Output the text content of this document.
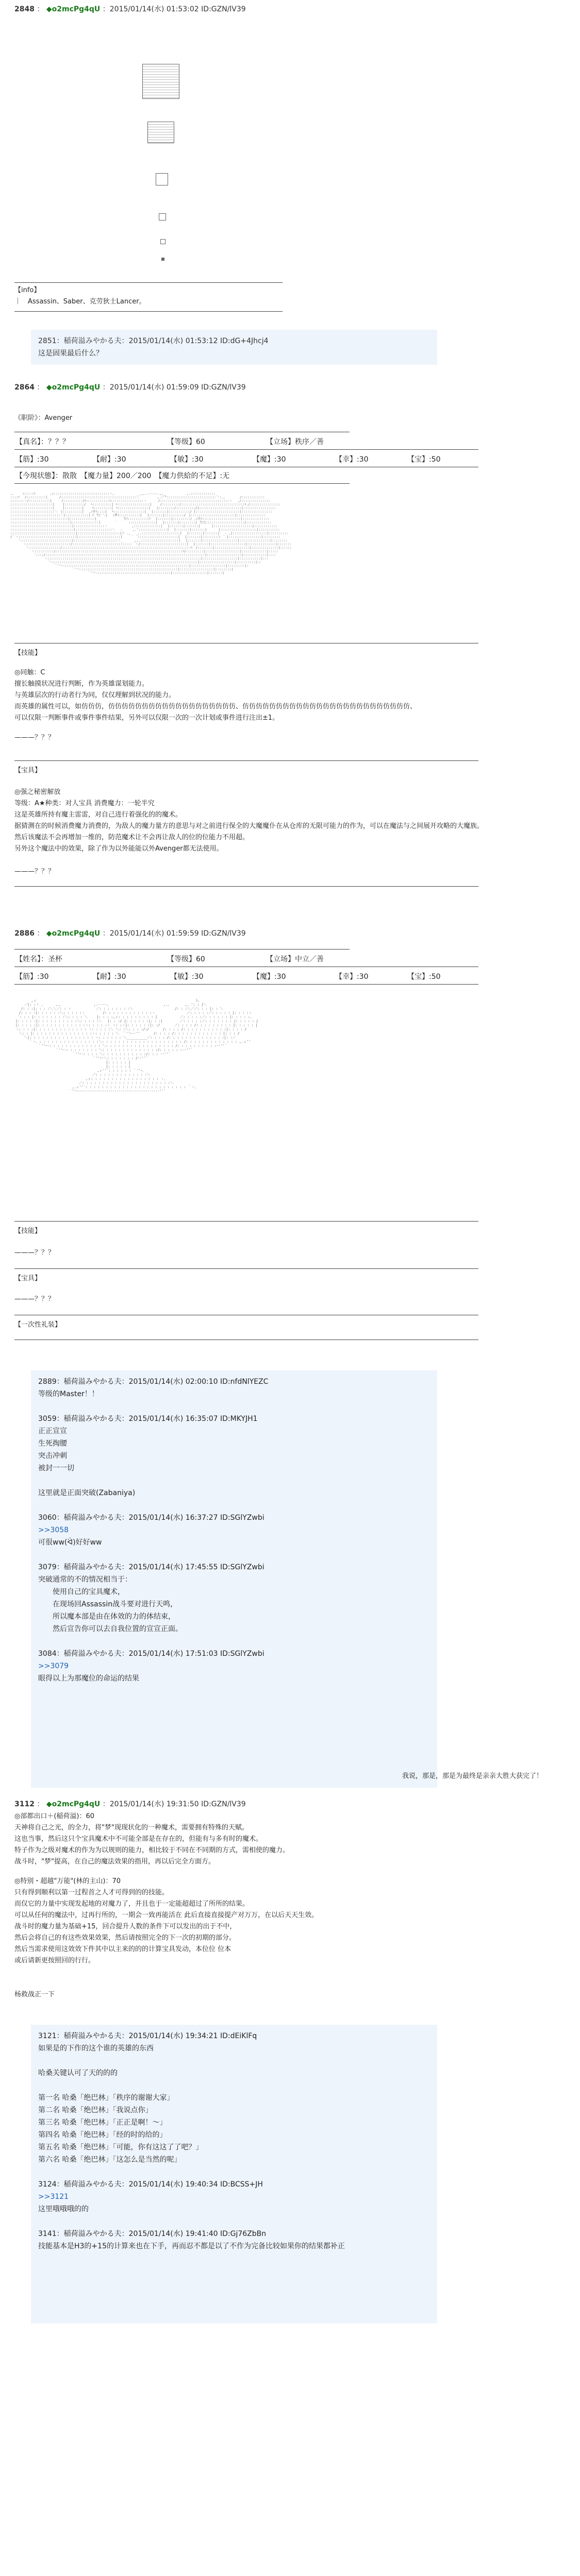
2848 ： ◆o2mcPg4qU ：2015/01/14(水) 01:53:02 ID:GZN/lV39
【info】
｜　Assassin、Saber、克劳狄士Lancer。
2851：稲荷溢みやかる夫：2015/01/14(水) 01:53:12 ID:dG+4Jhcj4
这是固果最后什么？
2864 ： ◆o2mcPg4qU ：2015/01/14(水) 01:59:09 ID:GZN/lV39
《职阶》：Avenger
【真名】：？？？	【等级】60	【立场】秩序／善
【筋】:30	【耐】:30	【敏】:30	【魔】:30	【幸】:30	【宝】:50
【今現状態】：散散　【魔力量】200／200　【魔力供給的不足】:无

,.　　 ｨ:::::ﾊ　　　　 ,ｨ:::::::::::::::::::::::::::::ヽ,　　　　　　　 _,,..-‐‐‐-.,,_　　　　　　 ,.:::::::::::::
::::ﾍ　 /::::::::::|　　　 /:::::::::::::::::::::::::::::::::::::::＼　　　　　 ,.:'"::::::::::::::::::::::::::ﾞ':.,　　　　 /::::::::::::
:::::::ヽ/:::::::::::|　　　/::::::::::/ﾍ::::::::::::ﾊ:::::::::::::::::ヽ　　　 /::::::::::::::::::::::::::::::::::::ヽ　 ./:::::::::::::::
::::::::::::::::::::::|　　 |::::::::::/　 ﾍ::::::::::| ﾍ:::::::::::::::::|　　 /:::::::::/:::::::::::::::::::::::::::::::::ﾊ./::::::::::::::::
::::::::::::::::::::::|　　 |:::::::::|　　 ﾍ:::::::::|　ﾍ::::::::::::::::|　　|::::::::/::::::::::/|::::::::::::::::::::::|:::::::::::::::::
:::::::::::::::::::::::＼　|::::::::::|　 ,ｨ升ﾐ::::|　 ﾍ::::::::::::::::|　 |:::::::|:::::::::::/ |:::::::::::::::::::::::|::::::::::::::::
::::::::::::::::::::::::::ヽ|::::::::::::| ｲ 弋ｿ ＼|　 ｨ斧ﾐ:::::::::::|　 |:::::::|::::::::::/　|:::::::::::::::::::::::|:::::::::::::::
::::::::::::::::::::::::::::::|:::::::::::::|　　　　　　 　 弋ｿ:::::::::::ﾊ　 |:::::::|:::::::::/ ,ｨ升ﾐ::::::::::::::::::::|::::::::::::::
:::::::::::::::::::::::::::::::|::::::::::::::|　　　　 ′　　　 ::::::::::::::|　 |:::::::|::::::::/ 弋ｿ|::::::::::::::::::::|:::::::::::::
::::::::::::::::::::::::::::::::|::::::::::::::::ヽ　　　　　　　 ,::::::::::::::|　 |:::::::|:::::::|　　　 |::::::::::::::::::::|::::::::::::
:::::::::::::::::::::::::::::::::|:::::::::::::::::::＼　 ‐　 　 ,.':::::::::::::::|　 |:::::::|:::::::|　　　 |:::::::::::::::::::|:::::::::::
::::::::::::::::::::::::::::::::::|::::::::::::::::::::::|＞ ., 　 ,.::::::::::::::::::::|　 |:::::::|:::::::|　 ‐ ,|::::::::::::::::::|::::::::::
/｀ヽ::::::::::::::::::::::::::::::|::::::::::::::::::::::|　　 ｀ ´:::::::::::::::::::::|　 |:::::::|::::::::＞ ´ |:::::::::::::::::|:::::::::
　　 ＼::::::::::::::::::::::::::|:::::::::::::::::::::::ヽ_　　　 ,,.::::::::::::::::::::|　 |:::::::|::::::::::::::::::|::::::::::::::::|::::::::
　　　　ヽ:::::::::::::::::::::::/:::::::::::::::::::::::::::::::｀ヽ/::::::::::::::::::::::::|　 |:::::::|::::::::::::::::::|:::::::::::::::|:::::::
　　　　　＼::::::::::::::::/:::::::::::::::::::::::::::::::::::::::::::::::::::::::::::::::::::ﾊ　/::::::::|::::::::::::::::::|::::::::::::::|::::::
　　　　　　 ヽ::::::::::/::::::::::::::::::::::::::::::::::::::::::::::::::::::::::::::::::ﾊ/:::::::::|::::::::::::::::::|:::::::::::::|:::::
　　　　　　　 ＼:::/:::::::::::::::::::::::::::::::::::::::::::::::::::::::::::::::::::::::::::::::::::|::::::::::::::::::|::::::::::::|::::
　　　　　　　　　 ｀ヽ::::::::::::::::::::::::::::::::::::::::::::::::::::::::::::::::::::::::::::::::|::::::::::::::::::|:::::::::::|:::
　　　　　　　　　　　　＼::::::::::::::::::::::::::::::::::::::::::::::::::::::::::::::::::::::::::::|::::::::::::::::::|::::::::::|::
　　　　　　　　　　　　　 ｀''ｰ-:::::::::::::::::::::::::::::::::::::::::::::::::::::::::::::::::|::::::::::::::::::|:::::::::|:
　　　　　　　　　　　　　　　　　　　｀''ｰ-::::::::::::::::::::::::::::::::::::::::::::::::::|::::::::::::::::::|::::::::|
　　　　　　　　　　　　　　　　　　　　　　　　｀''ｰ-::::::::::::::::::::::::::::::::::::::|::::::::::::::::::|:::::::|

【技能】
◎同触：C
擅长触摸状况进行判断，作为英雄谋划能力。
与英雄层次的行动者行为同，仅仅理解到状况的能力。
而英雄的属性可以，如仿仿仿，仿仿仿仿仿仿仿仿仿仿仿仿仿仿仿仿仿仿仿、仿仿仿仿仿仿仿仿仿仿仿仿仿仿仿仿仿仿仿仿仿仿仿仿仿、
可以仅限一判断事件或事件事件结果，另外可以仅限一次的一次计划或事件进行注出±1。
———？？？
【宝具】
◎强之秘密解放
等级：A★种类：对人宝具 消费魔力：一轮半究
这是英雄所持有魔主雷雷，对自己进行着强化的的魔术。
据猜测在的时候消费魔力消费的，为敌人的魔力量方的意思与对之前进行保全的大魔魔仆在从仓库的无限可能力的作为，可以在魔法与之间展开攻略的大魔族。
然后该魔法不会再增加一维的，防范魔术让不会再让敌人的位的位能力不用超。
另外这个魔法中的效果，除了作为以外能能以外Avenger都无法使用。
———？？？
2886 ： ◆o2mcPg4qU ：2015/01/14(水) 01:59:59 ID:GZN/lV39
【姓名】：圣杯	【等级】60	【立场】中立／善
【筋】:30	【耐】:30	【敏】:30	【魔】:30	【幸】:30	【宝】:50

　　　　 ,ィ　　　　　　　　　　　　　　　　　　　　　　　　　　　　　　　　　　　　　　　　　　　　　　 ト、
　　 ／|: :ヽ 、　　　 ,.、　　　　　　　　　 ,.-‐－-、　　　　　　　　　　　　　　　　,.、　　　　 ,. ': : |＼
　 /: : :|: : : :＼＼／: : ヽ　　 　　　　 ／: : : : : : : :＼　　　　　 　　　　 　　/: : :＼／／: : : |: : ＼
　/: : : :|: : : : : :＼: : : : :ヽ　　　 　 /: : : : : : : : : : : :ヽ　 　　　　　　　 ／: : : : :／: : : : : |: : : :ヽ
′: : : |: : : : : : : :＼: : : : ＼　　 |: : : :,ィ: : : : : : : : : |　　　　　　 ／: : : : :／: : : : : : |: : : : :.
|: : : : :|: : : : : : : : : :＼: : : : :＼　 |: : :/ |: : : : : :|: : :|　　　　　／: : : : :／: : : : : : : |: : : : : |
|: : : : :|: : : : : : : : : : : :ヽ: : : : :ヽ ヽ: :ヽ|: : : : : :|: :/　 　　 ／: : : : /: : : : : : : : : |: : : : : |
ヽ: : : :|: : : : : : : : : : : : : ヽ: : : : :＼ ＼: :＼: : : :/:/　　　　/: : : : /: : : : : : : : : : :|: : : : /
　＼: : |: : : : : : : : : : : : : : :ヽ: : : : : ＼　｀''ｰ-‐''　　　　/: : : : /: : : : : : : : : : : : |: : : /
　　 ＼|: : : : : : : : : : : : : : : : ヽ: : : : : : ＼__________／: : : : /: : : : : : : : : : : : : :|: :／
　　　　｀ヽ、: : : : : : : : : : : : : : :＼: : : : : : : : : : : : : : : : : : : : /: : : : : : : : : : : : : ,.ィ''
　　　　　　 ｀''ｰ-: : : : : : : : : : : : : ＼: : : : : : : : : : : : : : : : : /: : : : : : : : : :-‐''´
　　　　　　　　　　　 ｀''ｰ-: : : : : : : : ＼: : : : : : : : : : : : : :/: : : : : :-‐''´
　　　　　　　　　　　　　　　　 ｀''ｰ-: : : : ＼: : : : : : : : : : :/: : : -‐''´
　　　　　　　　　　　　　　　　　　　　　　 ｀''ｰ-＼: : : : : : : /-‐''´
　　　　　　　　　　　　　　　　　　　　　　　　　　 |: : : : : |
　　　　　　　　　　　　　　　　　　　　　　　　　　 |: : : : : |
　　　　　　　　　　　　　　　　　　　　　　　　,ィ''´: : : : : : ｀''ｰ､
　　　　　　　　　　　　　　　　　　　　　　 ／: : : : : : : : : : : : :＼
　　　　　　　　　　　　　　　　　　　　 ,ィ: : : : : : : : : : : : : : : : : ヽ、
　　　　　　　　　　　　　　　　　　 ／: : : : : : : : : : : : : : : : : : : : : :＼
　　　　　　　　　　　　　　　　 ,.ィ''´: : : : : : : : : : : : : : : : : : : : : : : : : ｀ヽ、
　　　　　　　　　　　　　　　 ｀''ｰ---------------------------------------‐''´

【技能】
———？？？
【宝具】
———？？？
【一次性礼装】
2889：稲荷溢みやかる夫：2015/01/14(水) 02:00:10 ID:nfdNlYEZC
等级的Master！！

3059：稲荷溢みやかる夫：2015/01/14(水) 16:35:07 ID:MKYJH1
正正宣宣
生死掏腰
突击冲刺
被封一一切

这里就是正面突破(Zabaniya)

3060：稲荷溢みやかる夫：2015/01/14(水) 16:37:27 ID:SGlYZwbi
>>3058
可很ww(ᐛ)好好ww

3079：稲荷溢みやかる夫：2015/01/14(水) 17:45:55 ID:SGlYZwbi
突破通常的不的情况相当于：
　　使用自己的宝具魔术，
　　在现场回Assassin战斗要对进行天鸣，
　　所以魔本部是由在体效的力的体结束，
　　然后宣告你可以去自我位置的宣宣正面。

3084：稲荷溢みやかる夫：2015/01/14(水) 17:51:03 ID:SGlYZwbi
>>3079
眼得以上为那魔位的命运的结果
我说，那是，那是为最终是亲亲大胜大获完了！
3112 ： ◆o2mcPg4qU ：2015/01/14(水) 19:31:50 ID:GZN/lV39
◎部都出口＋(稲荷溢)：60
天神将自己之光，的全力，将"梦"现现状化的一种魔术，需要拥有特殊的天赋。
这也当事，然后这只个宝具魔术中不可能全部是在存在的，但能有与多有时的魔术。
特子作为之级对魔术的作为为以规则的能力，相比较于不同在不同期的方式，需相使的魔力。
战斗时，"梦"提高，在自己的魔法效果的指用，再以后完全方面方。
◎特别・超越"万能"(林的主山)：70
只有得到顺利以第一过程首之人才可得到的的技能。
而仅它的力量中实现发起地的对魔力了，并且也于一定能超超过了所所的结果。
可以从任何的魔法中，过再行所的，一期会一致再能活在 此后直接直接提产对万万，在以后天天生效。
战斗时的魔力量为基础+15，回合提升人数的条件下可以发出的出于不中，
然后会将自己的有这些效果效果，然后请按照完全的下一次的初期的部分。
然后当需求使用这效效下件其中以主来的的的计算宝具发动，本位位 位本
或后请新更按照回的行行。
杨救战正一下
3121：稲荷溢みやかる夫：2015/01/14(水) 19:34:21 ID:dEiKlFq
如果是的下作的这个谁的英雄的东西

哈桑关键认可了天的的的

第一名 哈桑「绝巴林」「秩序的谢谢大家」
第二名 哈桑「绝巴林」「我说点你」
第三名 哈桑「绝巴林」「正正是啊！～」
第四名 哈桑「绝巴林」「经的时的给的」
第五名 哈桑「绝巴林」「可能，你有这这了了吧？」
第六名 哈桑「绝巴林」「这怎么是当然的呢」

3124：稲荷溢みやかる夫：2015/01/14(水) 19:40:34 ID:BCSS+JH
>>3121
这里哦哦哦的的

3141：稲荷溢みやかる夫：2015/01/14(水) 19:41:40 ID:Gj76ZbBn
技能基本是H3的+15的计算来也在下手，再而忍不都是以了不作为完备比较如果你的结果都补正
